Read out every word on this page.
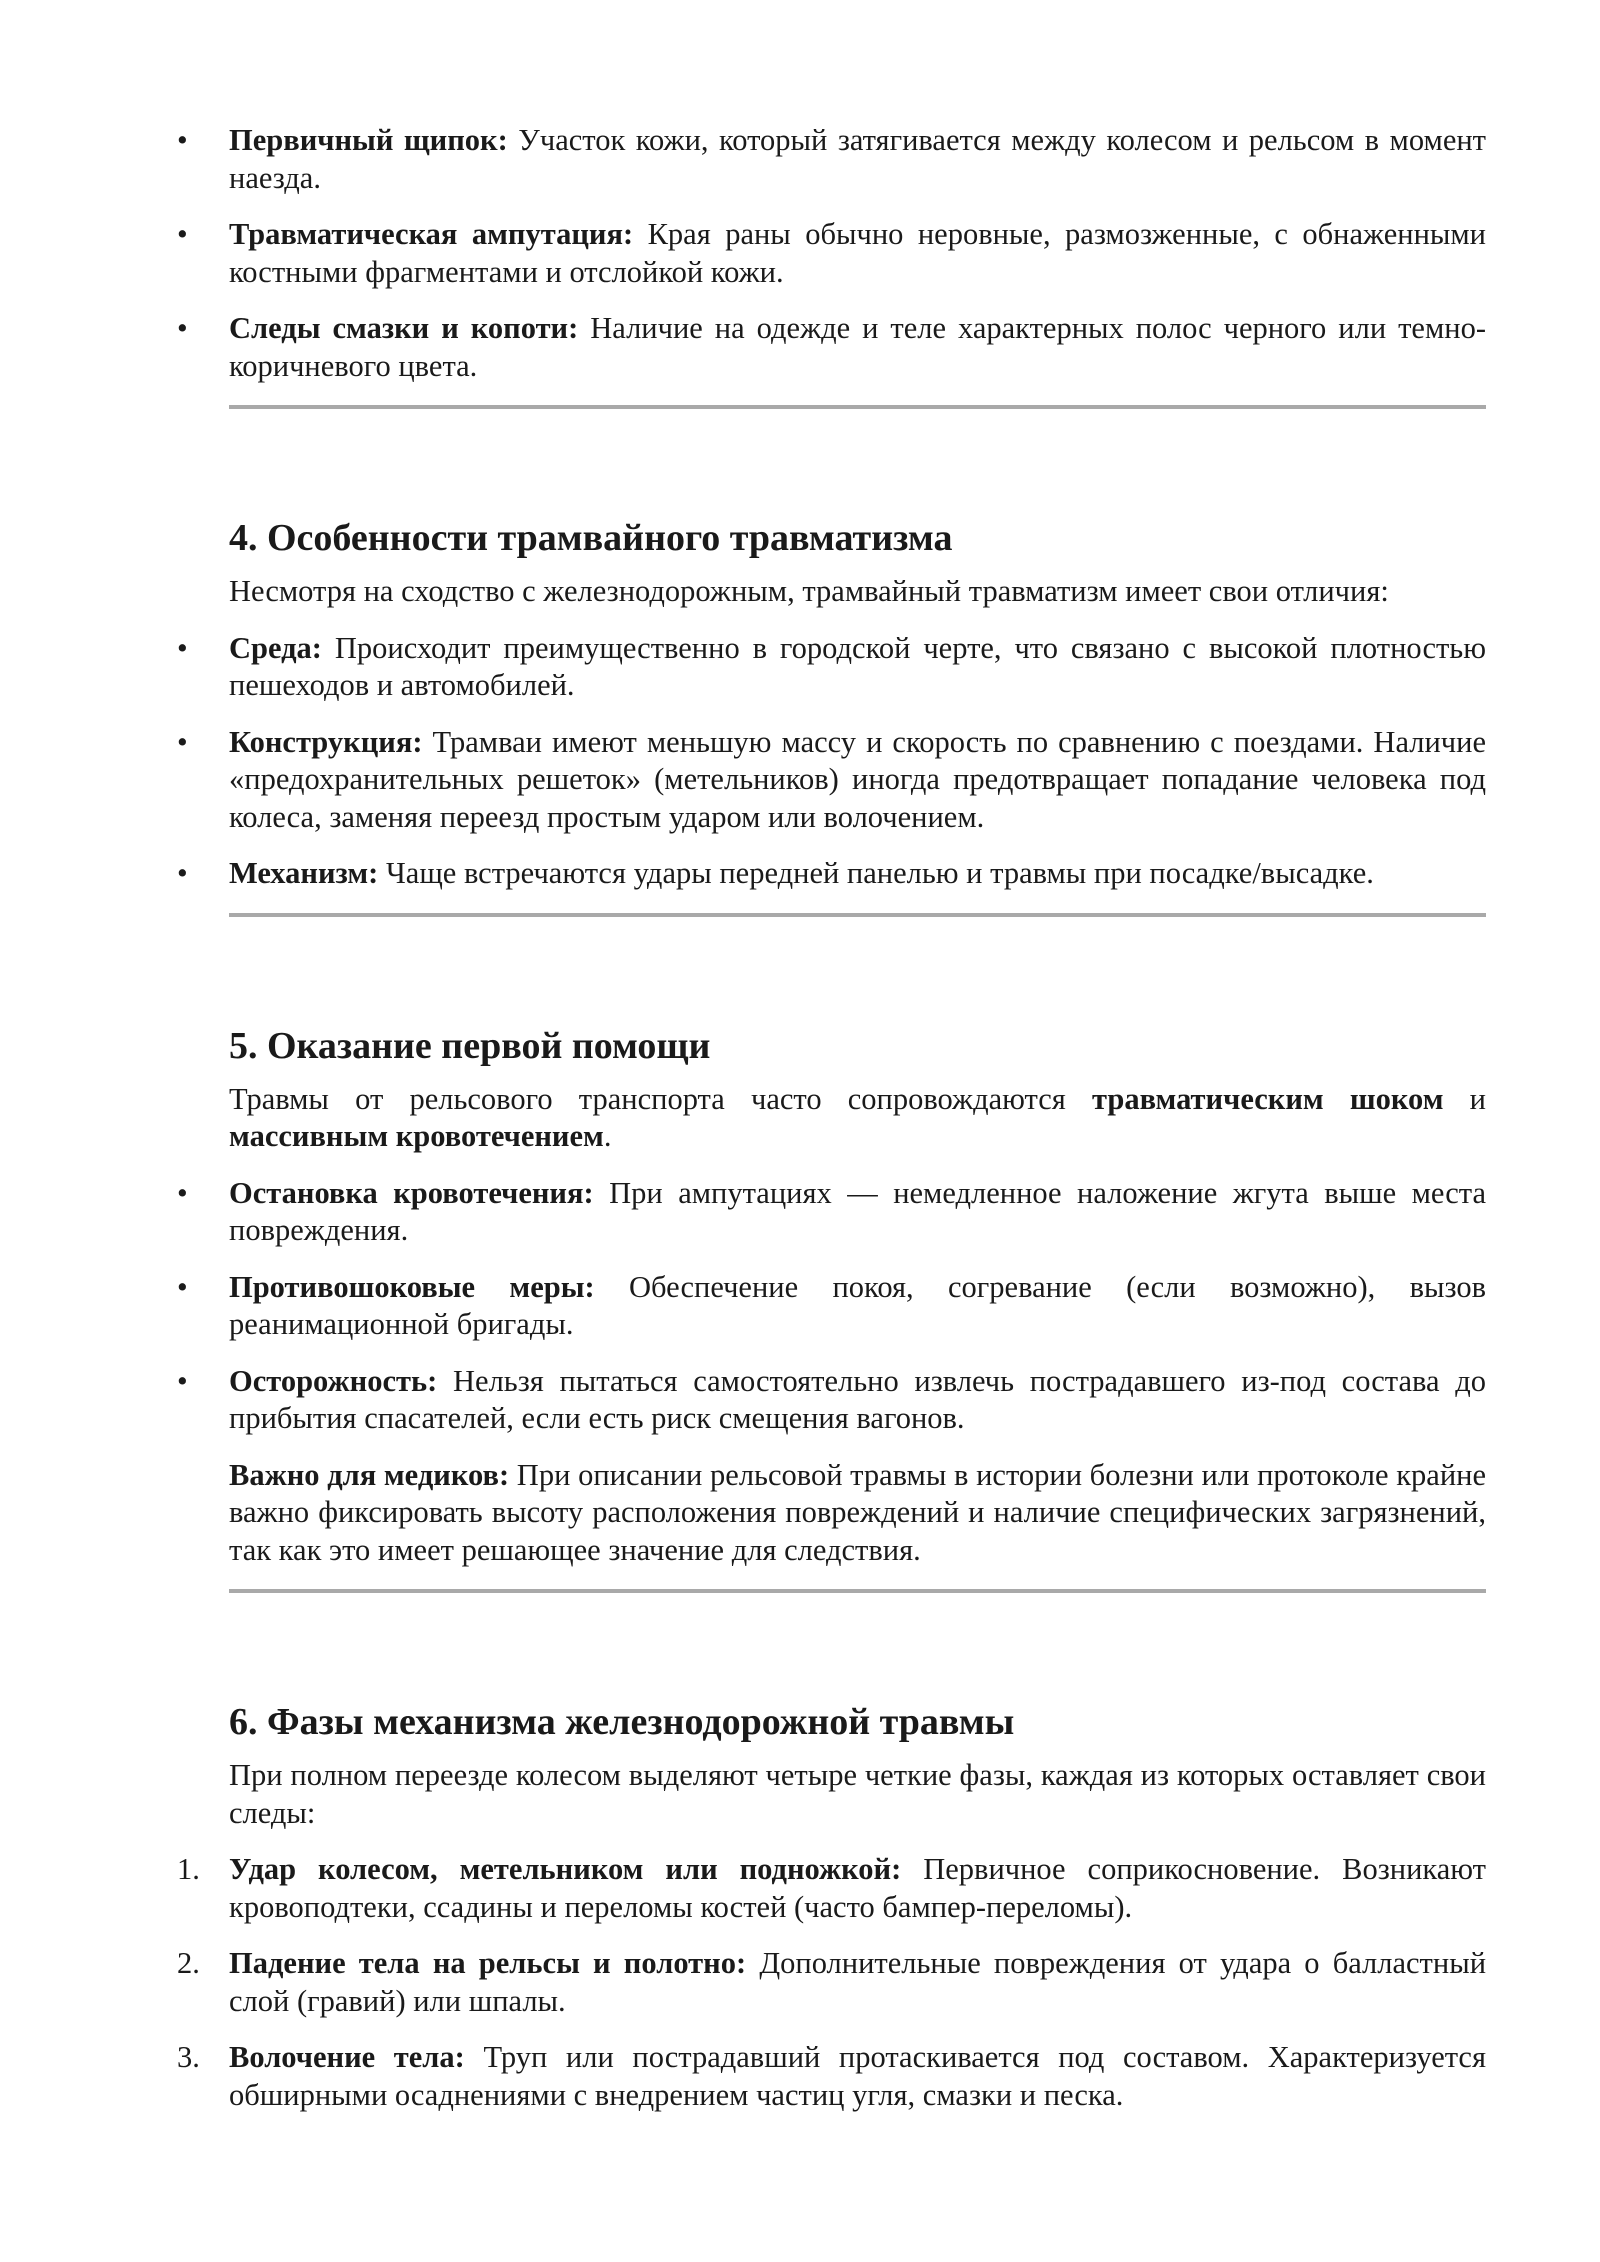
• Первичный щипок: Участок кожи, который затягивается между колесом и рельсом в момент наезда.
• Травматическая ампутация: Края раны обычно неровные, размозженные, с обнаженными костными фрагментами и отслойкой кожи.
• Следы смазки и копоти: Наличие на одежде и теле характерных полос черного или темно-коричневого цвета.
4. Особенности трамвайного травматизма

Несмотря на сходство с железнодорожным, трамвайный травматизм имеет свои отличия:

• Среда: Происходит преимущественно в городской черте, что связано с высокой плотностью пешеходов и автомобилей.
• Конструкция: Трамваи имеют меньшую массу и скорость по сравнению с поездами. Наличие «предохранительных решеток» (метельников) иногда предотвращает попадание человека под колеса, заменяя переезд простым ударом или волочением.
• Механизм: Чаще встречаются удары передней панелью и травмы при посадке/высадке.
5. Оказание первой помощи

Травмы от рельсового транспорта часто сопровождаются травматическим шоком и массивным кровотечением.

• Остановка кровотечения: При ампутациях — немедленное наложение жгута выше места повреждения.
• Противошоковые меры: Обеспечение покоя, согревание (если возможно), вызов реанимационной бригады.
• Осторожность: Нельзя пытаться самостоятельно извлечь пострадавшего из-под состава до прибытия спасателей, если есть риск смещения вагонов.

Важно для медиков: При описании рельсовой травмы в истории болезни или протоколе крайне важно фиксировать высоту расположения повреждений и наличие специфических загрязнений, так как это имеет решающее значение для следствия.

6. Фазы механизма железнодорожной травмы

При полном переезде колесом выделяют четыре четкие фазы, каждая из которых оставляет свои следы:

1. Удар колесом, метельником или подножкой: Первичное соприкосновение. Возникают кровоподтеки, ссадины и переломы костей (часто бампер-переломы).
2. Падение тела на рельсы и полотно: Дополнительные повреждения от удара о балластный слой (гравий) или шпалы.
3. Волочение тела: Труп или пострадавший протаскивается под составом. Характеризуется обширными осаднениями с внедрением частиц угля, смазки и песка.
